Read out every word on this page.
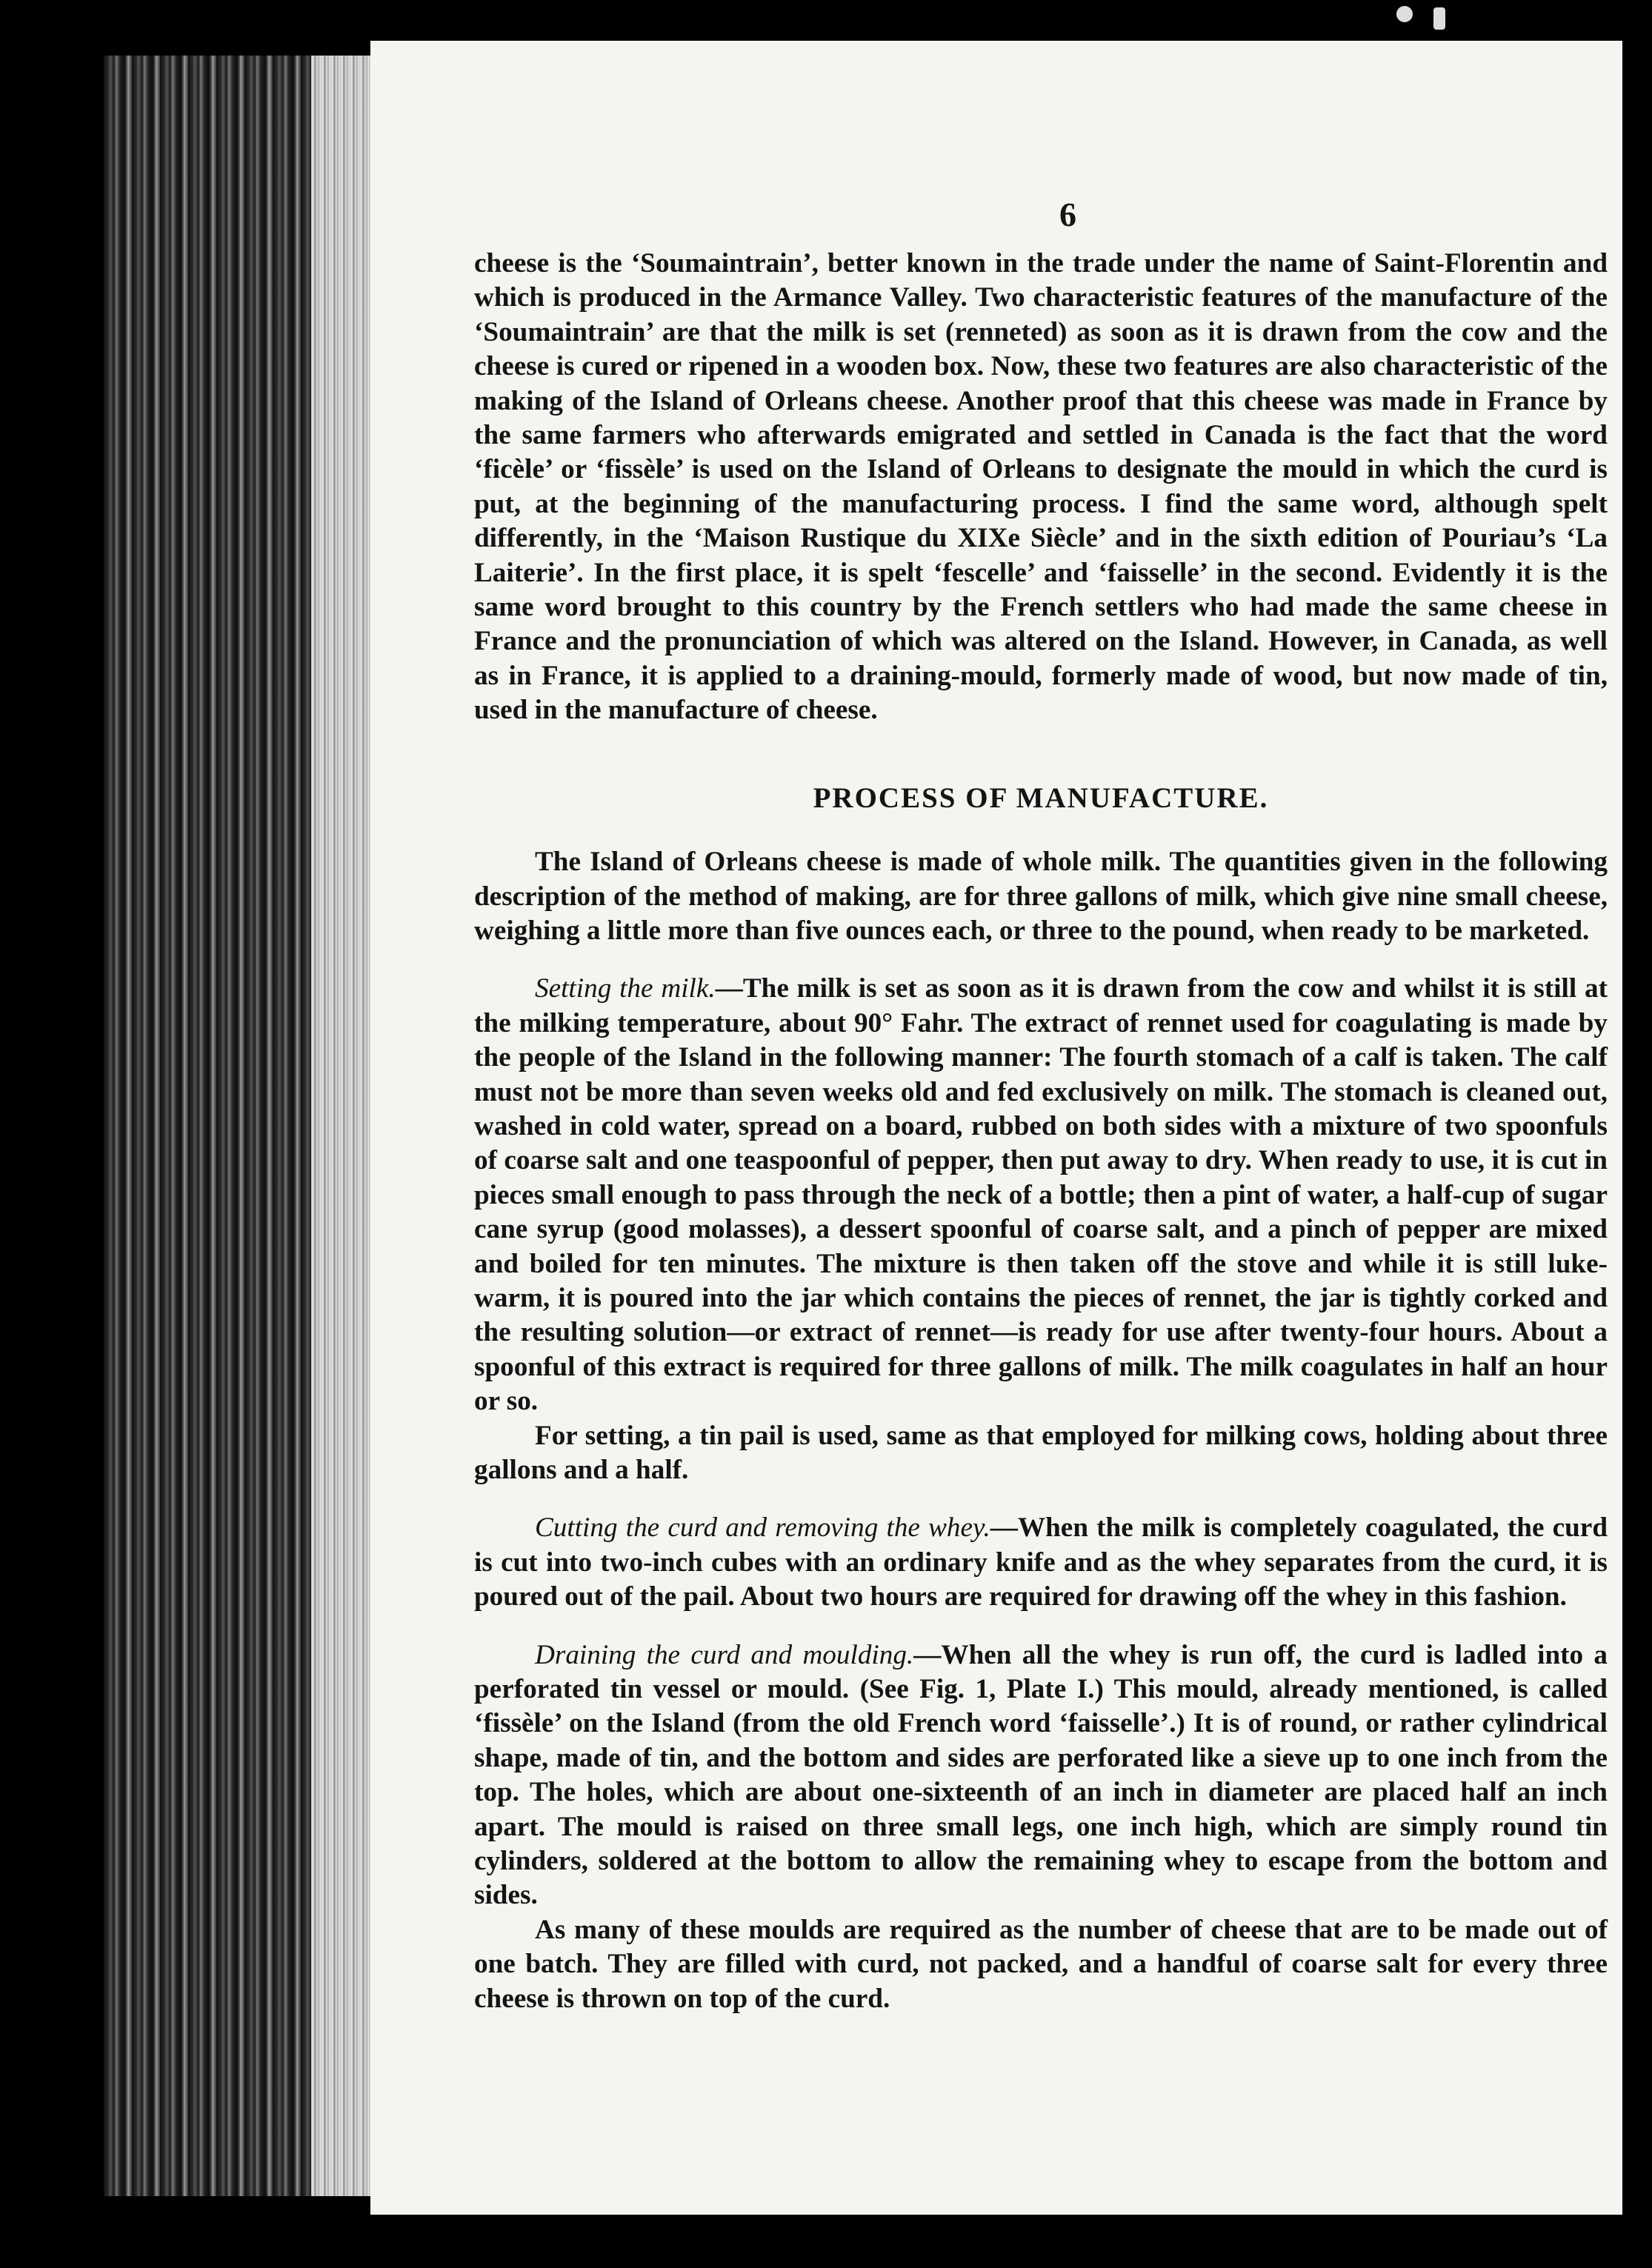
6

cheese is the ‘Soumaintrain’, better known in the trade under the name of Saint-Florentin and which is produced in the Armance Valley. Two characteristic features of the manufacture of the ‘Soumaintrain’ are that the milk is set (renneted) as soon as it is drawn from the cow and the cheese is cured or ripened in a wooden box. Now, these two features are also characteristic of the making of the Island of Orleans cheese. Another proof that this cheese was made in France by the same farmers who afterwards emigrated and settled in Canada is the fact that the word ‘ficèle’ or ‘fissèle’ is used on the Island of Orleans to designate the mould in which the curd is put, at the beginning of the manufacturing process. I find the same word, although spelt differently, in the ‘Maison Rustique du XIXe Siècle’ and in the sixth edition of Pouriau’s ‘La Laiterie’. In the first place, it is spelt ‘fescelle’ and ‘faisselle’ in the second. Evidently it is the same word brought to this country by the French settlers who had made the same cheese in France and the pronunciation of which was altered on the Island. However, in Canada, as well as in France, it is applied to a draining-mould, formerly made of wood, but now made of tin, used in the manufacture of cheese.

PROCESS OF MANUFACTURE.

The Island of Orleans cheese is made of whole milk. The quantities given in the following description of the method of making, are for three gallons of milk, which give nine small cheese, weighing a little more than five ounces each, or three to the pound, when ready to be marketed.

Setting the milk.—The milk is set as soon as it is drawn from the cow and whilst it is still at the milking temperature, about 90° Fahr. The extract of rennet used for coagulating is made by the people of the Island in the following manner: The fourth stomach of a calf is taken. The calf must not be more than seven weeks old and fed exclusively on milk. The stomach is cleaned out, washed in cold water, spread on a board, rubbed on both sides with a mixture of two spoonfuls of coarse salt and one teaspoonful of pepper, then put away to dry. When ready to use, it is cut in pieces small enough to pass through the neck of a bottle; then a pint of water, a half-cup of sugar cane syrup (good molasses), a dessert spoonful of coarse salt, and a pinch of pepper are mixed and boiled for ten minutes. The mixture is then taken off the stove and while it is still luke-warm, it is poured into the jar which contains the pieces of rennet, the jar is tightly corked and the resulting solution—or extract of rennet—is ready for use after twenty-four hours. About a spoonful of this extract is required for three gallons of milk. The milk coagulates in half an hour or so.

For setting, a tin pail is used, same as that employed for milking cows, holding about three gallons and a half.

Cutting the curd and removing the whey.—When the milk is completely coagulated, the curd is cut into two-inch cubes with an ordinary knife and as the whey separates from the curd, it is poured out of the pail. About two hours are required for drawing off the whey in this fashion.

Draining the curd and moulding.—When all the whey is run off, the curd is ladled into a perforated tin vessel or mould. (See Fig. 1, Plate I.) This mould, already mentioned, is called ‘fissèle’ on the Island (from the old French word ‘faisselle’.) It is of round, or rather cylindrical shape, made of tin, and the bottom and sides are perforated like a sieve up to one inch from the top. The holes, which are about one-sixteenth of an inch in diameter are placed half an inch apart. The mould is raised on three small legs, one inch high, which are simply round tin cylinders, soldered at the bottom to allow the remaining whey to escape from the bottom and sides.

As many of these moulds are required as the number of cheese that are to be made out of one batch. They are filled with curd, not packed, and a handful of coarse salt for every three cheese is thrown on top of the curd.
